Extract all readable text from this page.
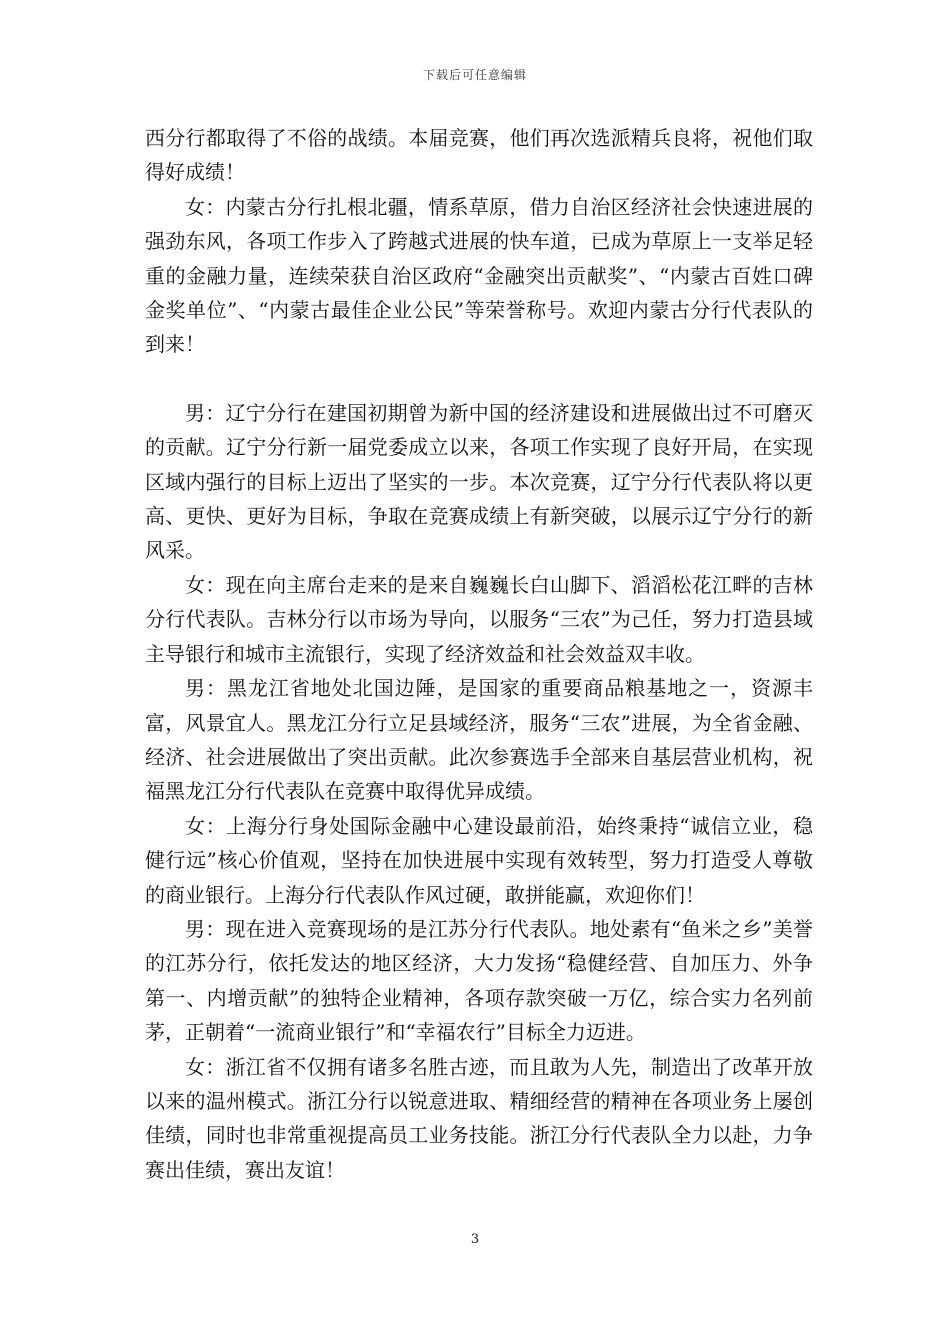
下载后可任意编辑

西分行都取得了不俗的战绩。本届竞赛，他们再次选派精兵良将，祝他们取得好成绩！

女：内蒙古分行扎根北疆，情系草原，借力自治区经济社会快速进展的强劲东风，各项工作步入了跨越式进展的快车道，已成为草原上一支举足轻重的金融力量，连续荣获自治区政府“金融突出贡献奖”、“内蒙古百姓口碑金奖单位”、“内蒙古最佳企业公民”等荣誉称号。欢迎内蒙古分行代表队的到来！

男：辽宁分行在建国初期曾为新中国的经济建设和进展做出过不可磨灭的贡献。辽宁分行新一届党委成立以来，各项工作实现了良好开局，在实现区域内强行的目标上迈出了坚实的一步。本次竞赛，辽宁分行代表队将以更高、更快、更好为目标，争取在竞赛成绩上有新突破，以展示辽宁分行的新风采。

女：现在向主席台走来的是来自巍巍长白山脚下、滔滔松花江畔的吉林分行代表队。吉林分行以市场为导向，以服务“三农”为己任，努力打造县域主导银行和城市主流银行，实现了经济效益和社会效益双丰收。

男：黑龙江省地处北国边陲，是国家的重要商品粮基地之一，资源丰富，风景宜人。黑龙江分行立足县域经济，服务“三农”进展，为全省金融、经济、社会进展做出了突出贡献。此次参赛选手全部来自基层营业机构，祝福黑龙江分行代表队在竞赛中取得优异成绩。

女：上海分行身处国际金融中心建设最前沿，始终秉持“诚信立业，稳健行远”核心价值观，坚持在加快进展中实现有效转型，努力打造受人尊敬的商业银行。上海分行代表队作风过硬，敢拼能赢，欢迎你们！

男：现在进入竞赛现场的是江苏分行代表队。地处素有“鱼米之乡”美誉的江苏分行，依托发达的地区经济，大力发扬“稳健经营、自加压力、外争第一、内增贡献”的独特企业精神，各项存款突破一万亿，综合实力名列前茅，正朝着“一流商业银行”和“幸福农行”目标全力迈进。

女：浙江省不仅拥有诸多名胜古迹，而且敢为人先，制造出了改革开放以来的温州模式。浙江分行以锐意进取、精细经营的精神在各项业务上屡创佳绩，同时也非常重视提高员工业务技能。浙江分行代表队全力以赴，力争赛出佳绩，赛出友谊！

3
